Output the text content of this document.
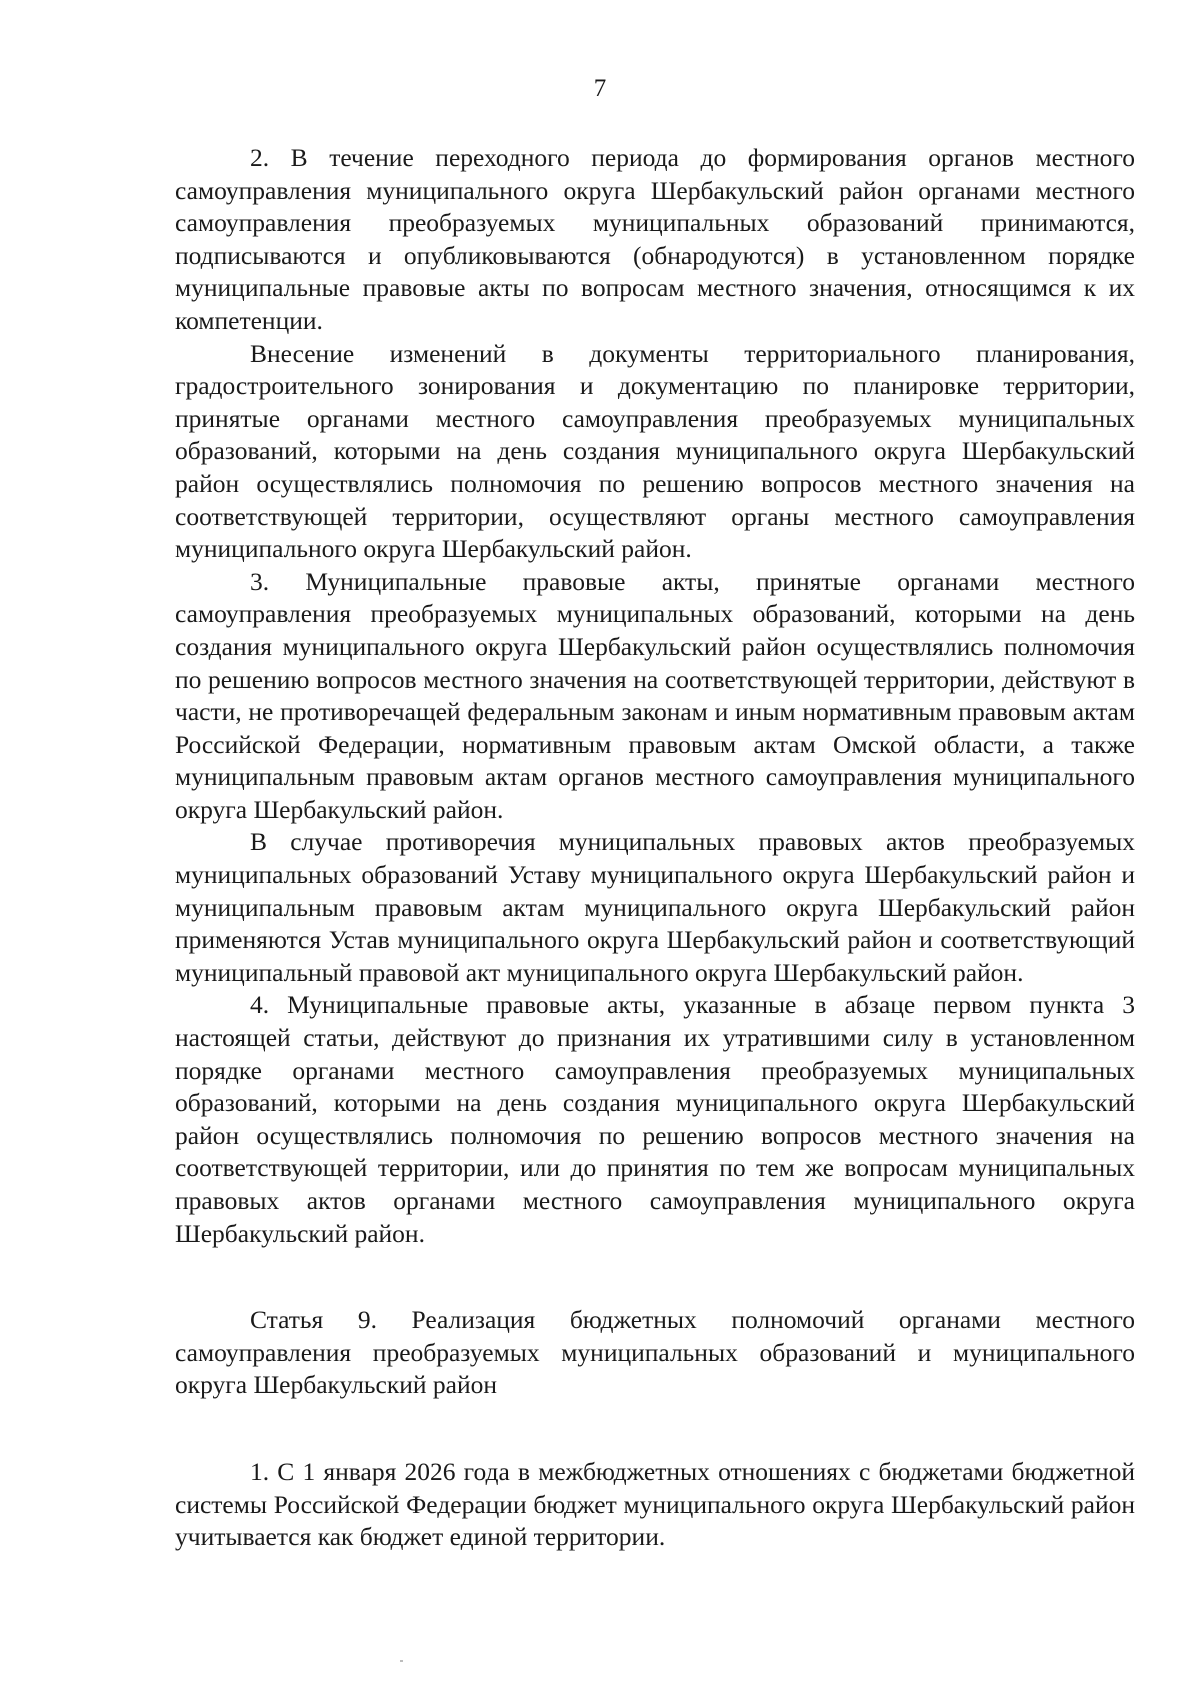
7

2. В течение переходного периода до формирования органов местного самоуправления муниципального округа Шербакульский район органами местного самоуправления преобразуемых муниципальных образований принимаются, подписываются и опубликовываются (обнародуются) в установленном порядке муниципальные правовые акты по вопросам местного значения, относящимся к их компетенции.

Внесение изменений в документы территориального планирования, градостроительного зонирования и документацию по планировке территории, принятые органами местного самоуправления преобразуемых муниципальных образований, которыми на день создания муниципального округа Шербакульский район осуществлялись полномочия по решению вопросов местного значения на соответствующей территории, осуществляют органы местного самоуправления муниципального округа Шербакульский район.

3. Муниципальные правовые акты, принятые органами местного самоуправления преобразуемых муниципальных образований, которыми на день создания муниципального округа Шербакульский район осуществлялись полномочия по решению вопросов местного значения на соответствующей территории, действуют в части, не противоречащей федеральным законам и иным нормативным правовым актам Российской Федерации, нормативным правовым актам Омской области, а также муниципальным правовым актам органов местного самоуправления муниципального округа Шербакульский район.

В случае противоречия муниципальных правовых актов преобразуемых муниципальных образований Уставу муниципального округа Шербакульский район и муниципальным правовым актам муниципального округа Шербакульский район применяются Устав муниципального округа Шербакульский район и соответствующий муниципальный правовой акт муниципального округа Шербакульский район.

4. Муниципальные правовые акты, указанные в абзаце первом пункта 3 настоящей статьи, действуют до признания их утратившими силу в установленном порядке органами местного самоуправления преобразуемых муниципальных образований, которыми на день создания муниципального округа Шербакульский район осуществлялись полномочия по решению вопросов местного значения на соответствующей территории, или до принятия по тем же вопросам муниципальных правовых актов органами местного самоуправления муниципального округа Шербакульский район.

Статья 9. Реализация бюджетных полномочий органами местного самоуправления преобразуемых муниципальных образований и муниципального округа Шербакульский район

1. С 1 января 2026 года в межбюджетных отношениях с бюджетами бюджетной системы Российской Федерации бюджет муниципального округа Шербакульский район учитывается как бюджет единой территории.
